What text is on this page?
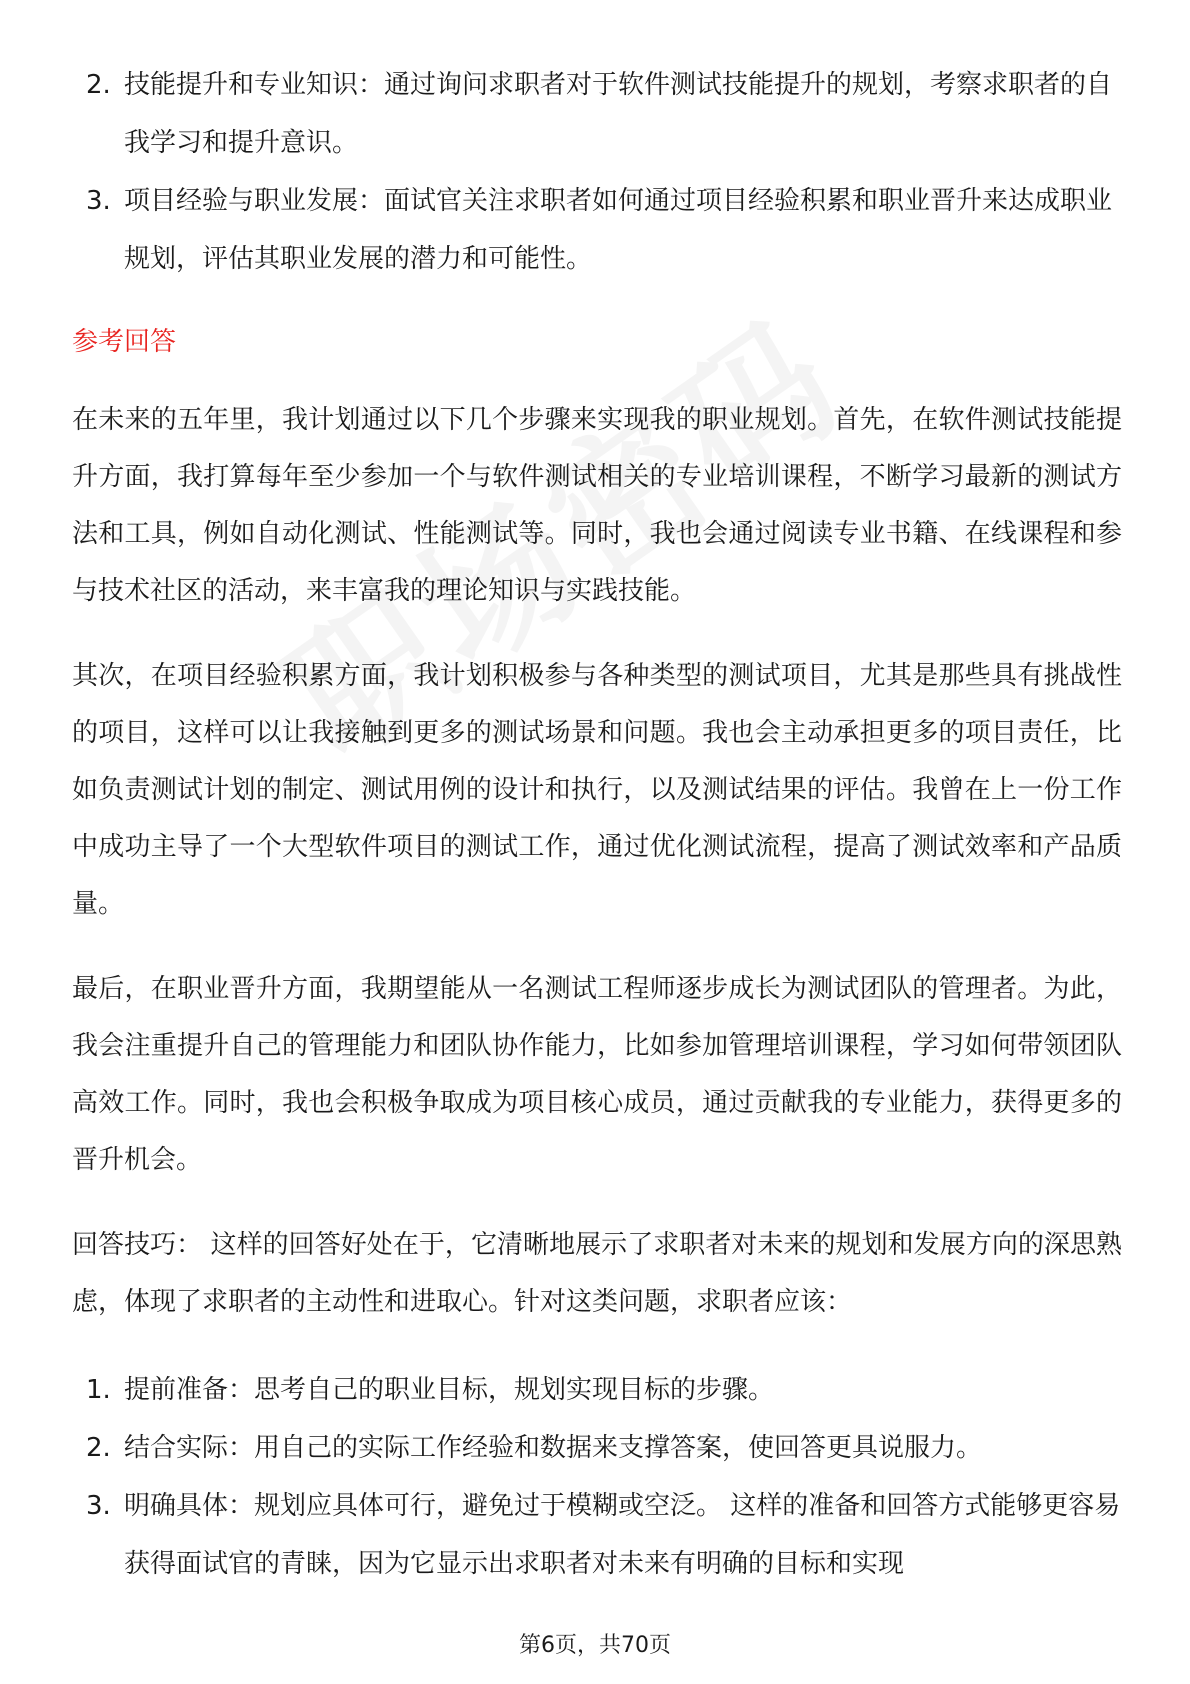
2. 技能提升和专业知识：通过询问求职者对于软件测试技能提升的规划，考察求职者的自我学习和提升意识。
3. 项目经验与职业发展：面试官关注求职者如何通过项目经验积累和职业晋升来达成职业规划，评估其职业发展的潜力和可能性。
参考回答

在未来的五年里，我计划通过以下几个步骤来实现我的职业规划。首先，在软件测试技能提升方面，我打算每年至少参加一个与软件测试相关的专业培训课程，不断学习最新的测试方法和工具，例如自动化测试、性能测试等。同时，我也会通过阅读专业书籍、在线课程和参与技术社区的活动，来丰富我的理论知识与实践技能。

其次，在项目经验积累方面，我计划积极参与各种类型的测试项目，尤其是那些具有挑战性的项目，这样可以让我接触到更多的测试场景和问题。我也会主动承担更多的项目责任，比如负责测试计划的制定、测试用例的设计和执行，以及测试结果的评估。我曾在上一份工作中成功主导了一个大型软件项目的测试工作，通过优化测试流程，提高了测试效率和产品质量。

最后，在职业晋升方面，我期望能从一名测试工程师逐步成长为测试团队的管理者。为此，我会注重提升自己的管理能力和团队协作能力，比如参加管理培训课程，学习如何带领团队高效工作。同时，我也会积极争取成为项目核心成员，通过贡献我的专业能力，获得更多的晋升机会。

回答技巧： 这样的回答好处在于，它清晰地展示了求职者对未来的规划和发展方向的深思熟虑，体现了求职者的主动性和进取心。针对这类问题，求职者应该：

1. 提前准备：思考自己的职业目标，规划实现目标的步骤。
2. 结合实际：用自己的实际工作经验和数据来支撑答案，使回答更具说服力。
3. 明确具体：规划应具体可行，避免过于模糊或空泛。 这样的准备和回答方式能够更容易获得面试官的青睐，因为它显示出求职者对未来有明确的目标和实现
第6页，共70页
